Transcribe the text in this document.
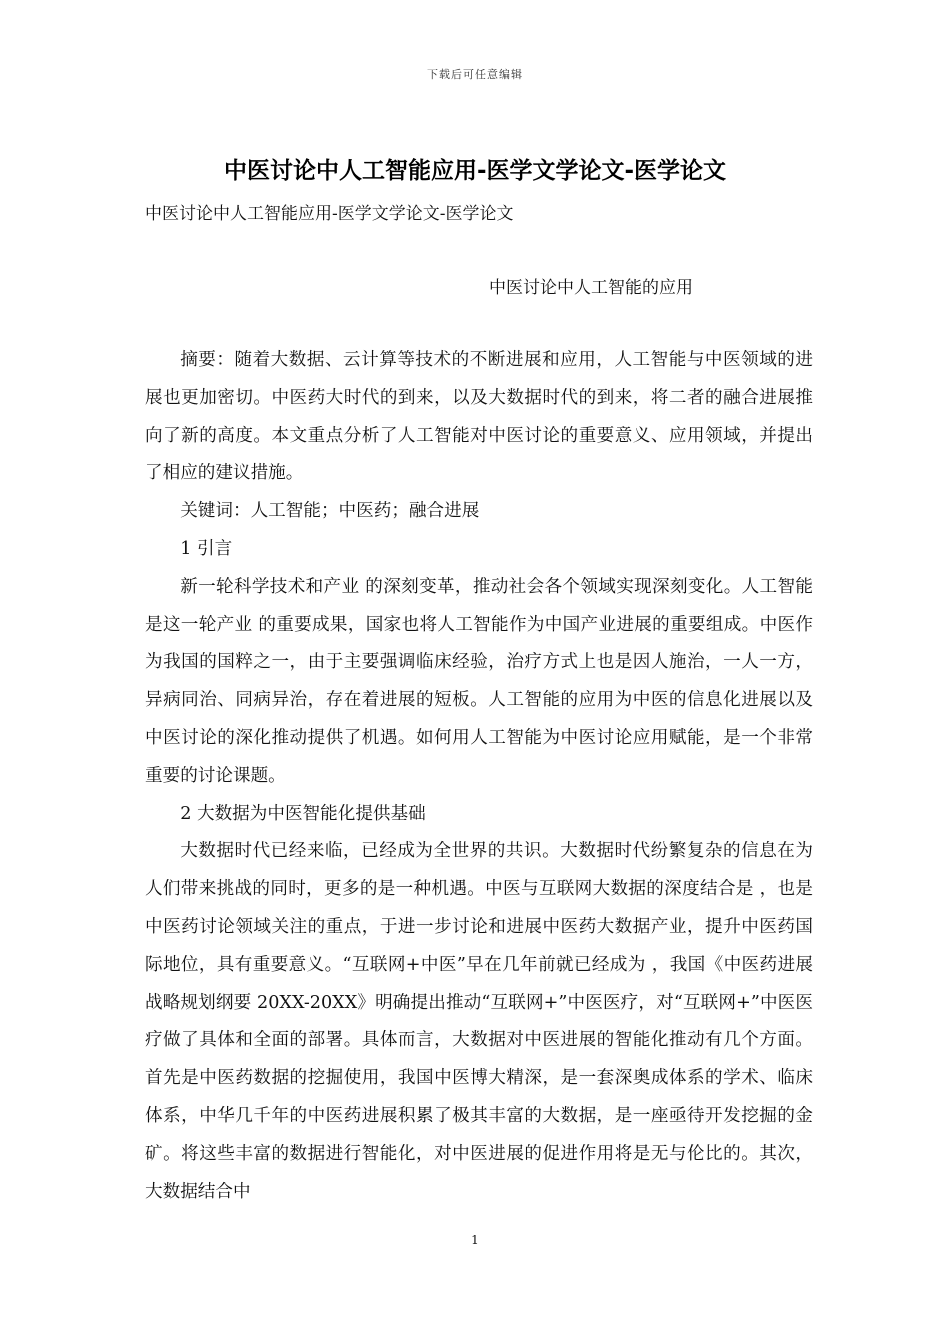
下载后可任意编辑
中医讨论中人工智能应用-医学文学论文-医学论文
中医讨论中人工智能应用-医学文学论文-医学论文
中医讨论中人工智能的应用

摘要：随着大数据、云计算等技术的不断进展和应用，人工智能与中医领域的进展也更加密切。中医药大时代的到来，以及大数据时代的到来，将二者的融合进展推向了新的高度。本文重点分析了人工智能对中医讨论的重要意义、应用领域，并提出了相应的建议措施。

关键词：人工智能；中医药；融合进展

1 引言

新一轮科学技术和产业 的深刻变革，推动社会各个领域实现深刻变化。人工智能是这一轮产业 的重要成果，国家也将人工智能作为中国产业进展的重要组成。中医作为我国的国粹之一，由于主要强调临床经验，治疗方式上也是因人施治，一人一方，异病同治、同病异治，存在着进展的短板。人工智能的应用为中医的信息化进展以及中医讨论的深化推动提供了机遇。如何用人工智能为中医讨论应用赋能，是一个非常重要的讨论课题。

2 大数据为中医智能化提供基础

大数据时代已经来临，已经成为全世界的共识。大数据时代纷繁复杂的信息在为人们带来挑战的同时，更多的是一种机遇。中医与互联网大数据的深度结合是 ，也是中医药讨论领域关注的重点，于进一步讨论和进展中医药大数据产业，提升中医药国际地位，具有重要意义。“互联网+中医”早在几年前就已经成为 ，我国《中医药进展战略规划纲要 20XX-20XX》明确提出推动“互联网+”中医医疗，对“互联网+”中医医疗做了具体和全面的部署。具体而言，大数据对中医进展的智能化推动有几个方面。首先是中医药数据的挖掘使用，我国中医博大精深，是一套深奥成体系的学术、临床体系，中华几千年的中医药进展积累了极其丰富的大数据，是一座亟待开发挖掘的金矿。将这些丰富的数据进行智能化，对中医进展的促进作用将是无与伦比的。其次，大数据结合中

1
